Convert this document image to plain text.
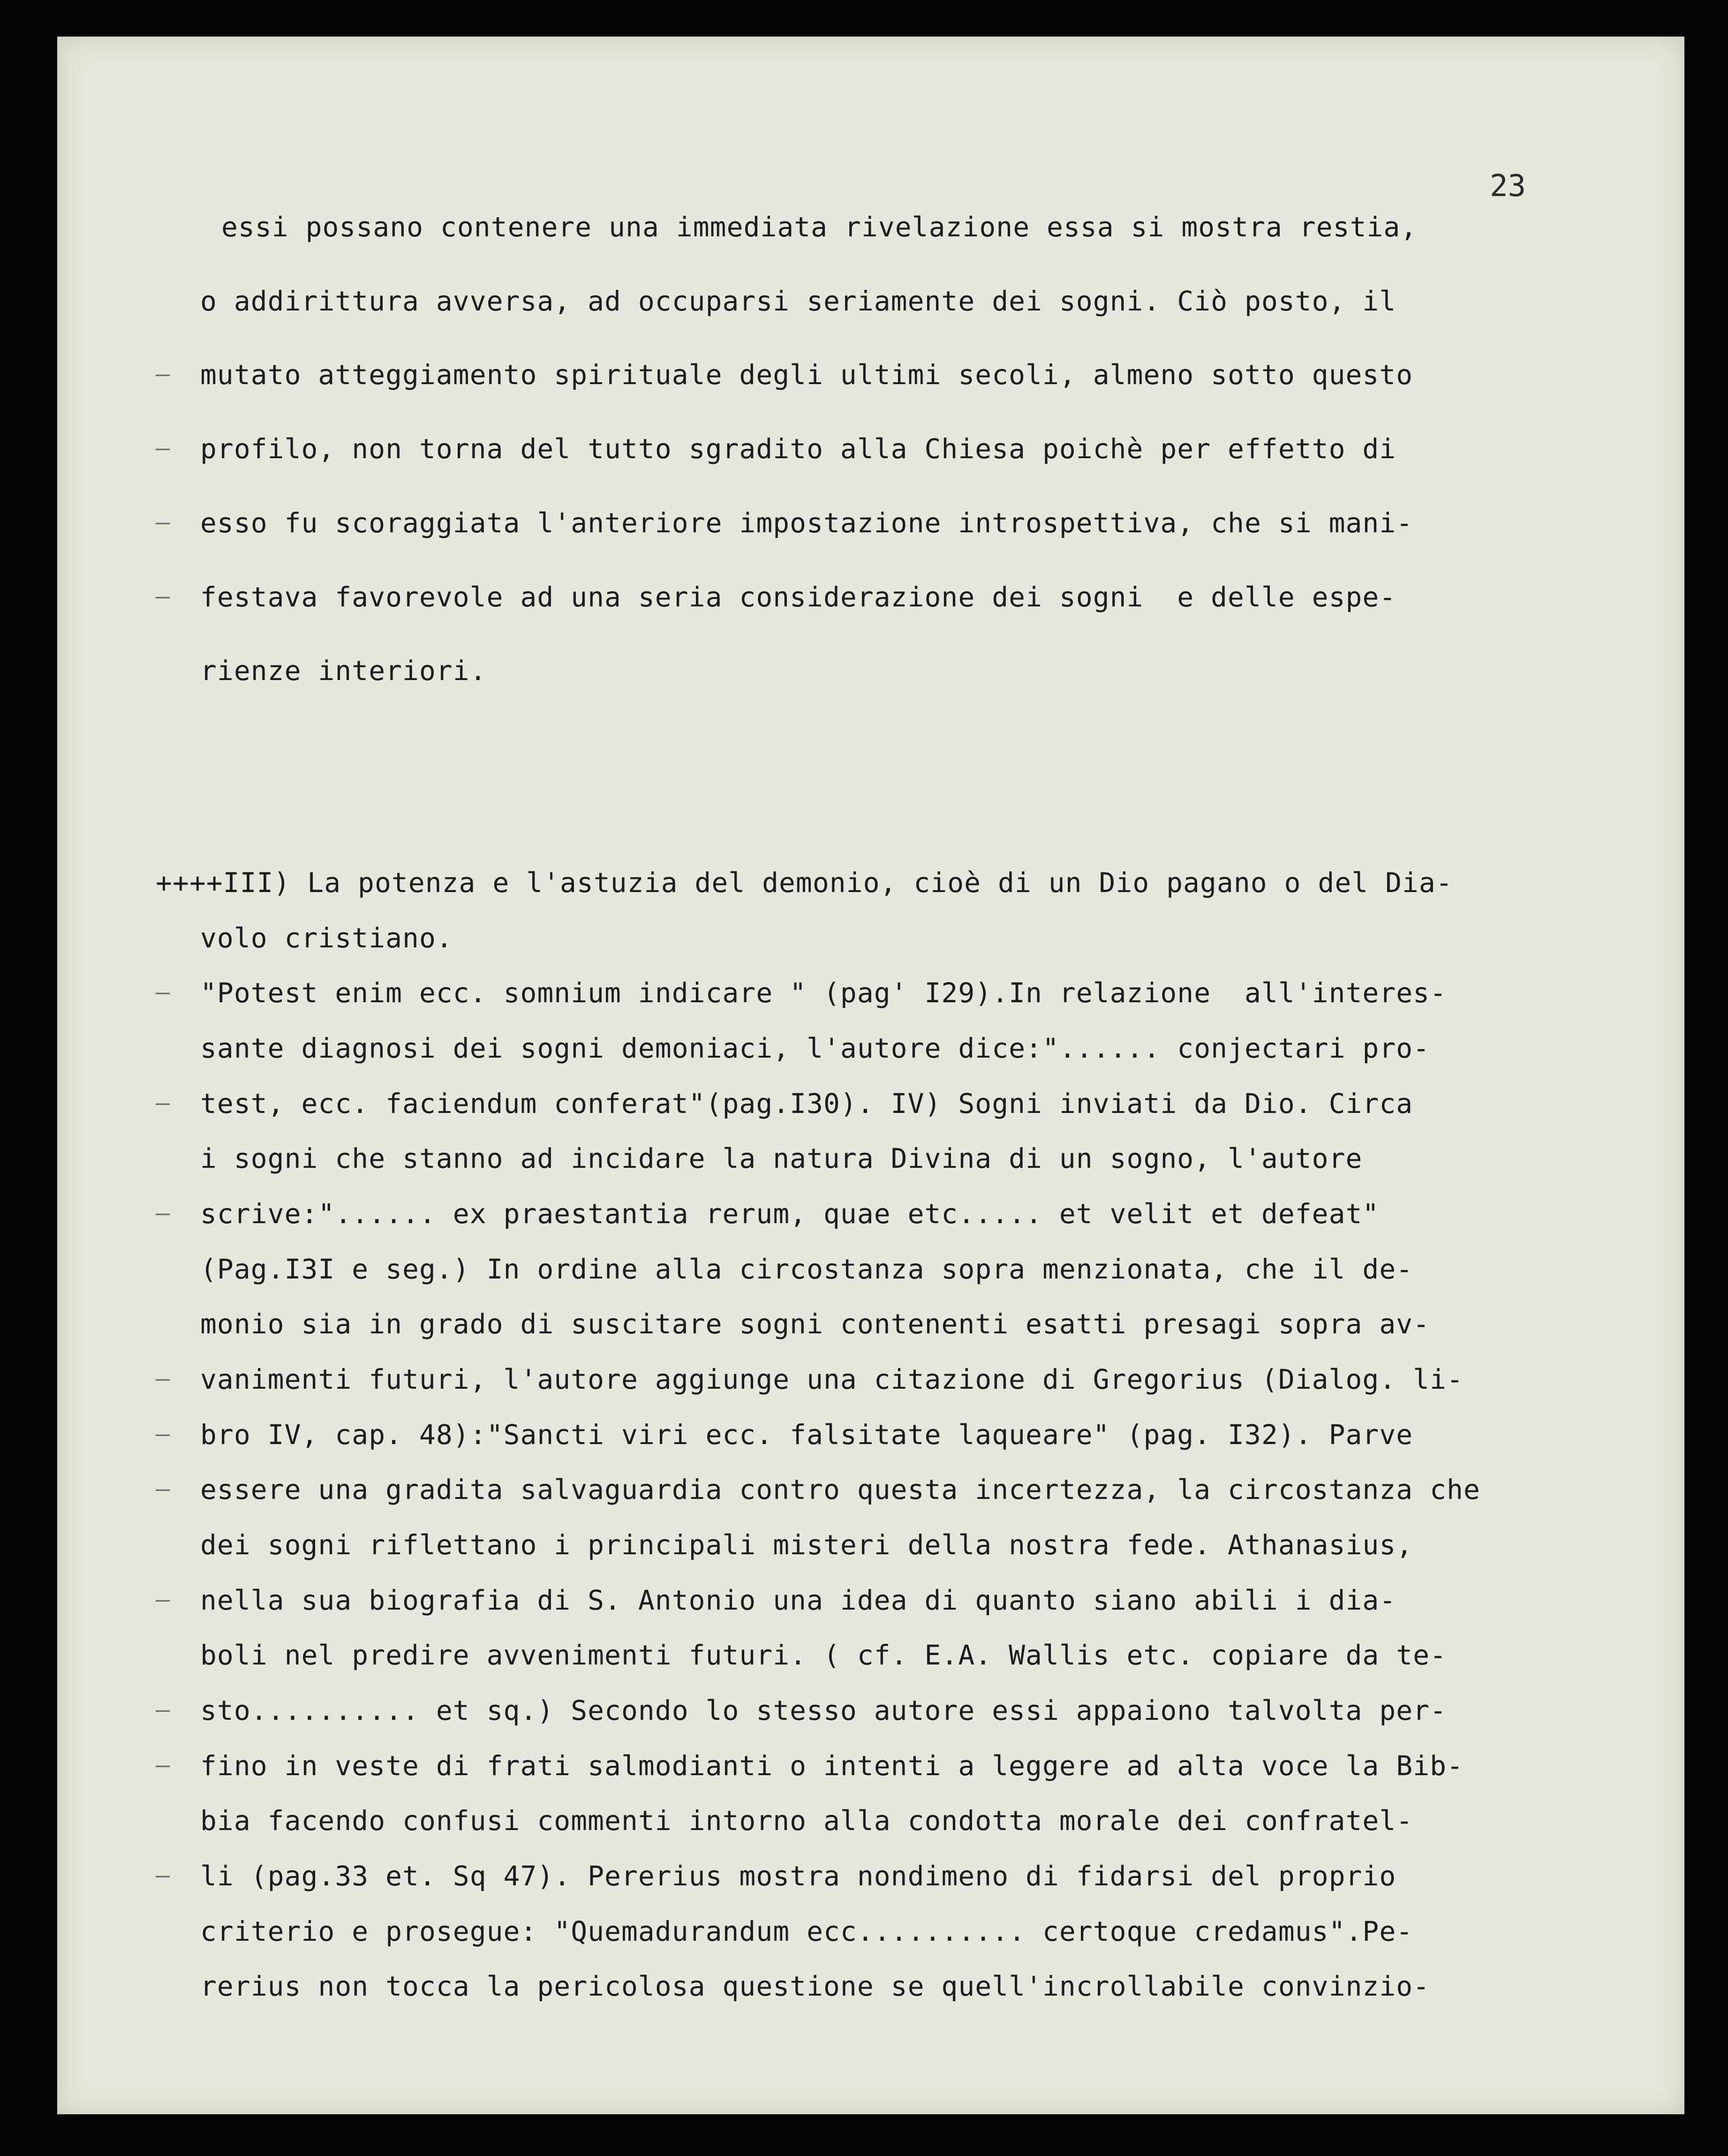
23
essi possano contenere una immediata rivelazione essa si mostra restia,
o addirittura avversa, ad occuparsi seriamente dei sogni. Ciò posto, il
mutato atteggiamento spirituale degli ultimi secoli, almeno sotto questo
profilo, non torna del tutto sgradito alla Chiesa poichè per effetto di
esso fu scoraggiata l'anteriore impostazione introspettiva, che si mani-
festava favorevole ad una seria considerazione dei sogni  e delle espe-
rienze interiori.
++++III) La potenza e l'astuzia del demonio, cioè di un Dio pagano o del Dia-
volo cristiano.
"Potest enim ecc. somnium indicare " (pag' I29).In relazione  all'interes-
sante diagnosi dei sogni demoniaci, l'autore dice:"...... conjectari pro-
test, ecc. faciendum conferat"(pag.I30). IV) Sogni inviati da Dio. Circa
i sogni che stanno ad incidare la natura Divina di un sogno, l'autore
scrive:"...... ex praestantia rerum, quae etc..... et velit et defeat"
(Pag.I3I e seg.) In ordine alla circostanza sopra menzionata, che il de-
monio sia in grado di suscitare sogni contenenti esatti presagi sopra av-
vanimenti futuri, l'autore aggiunge una citazione di Gregorius (Dialog. li-
bro IV, cap. 48):"Sancti viri ecc. falsitate laqueare" (pag. I32). Parve
essere una gradita salvaguardia contro questa incertezza, la circostanza che
dei sogni riflettano i principali misteri della nostra fede. Athanasius,
nella sua biografia di S. Antonio una idea di quanto siano abili i dia-
boli nel predire avvenimenti futuri. ( cf. E.A. Wallis etc. copiare da te-
sto.......... et sq.) Secondo lo stesso autore essi appaiono talvolta per-
fino in veste di frati salmodianti o intenti a leggere ad alta voce la Bib-
bia facendo confusi commenti intorno alla condotta morale dei confratel-
li (pag.33 et. Sq 47). Pererius mostra nondimeno di fidarsi del proprio
criterio e prosegue: "Quemadurandum ecc.......... certoque credamus".Pe-
rerius non tocca la pericolosa questione se quell'incrollabile convinzio-
–
–
–
–
–
–
–
–
–
–
–
–
–
–
